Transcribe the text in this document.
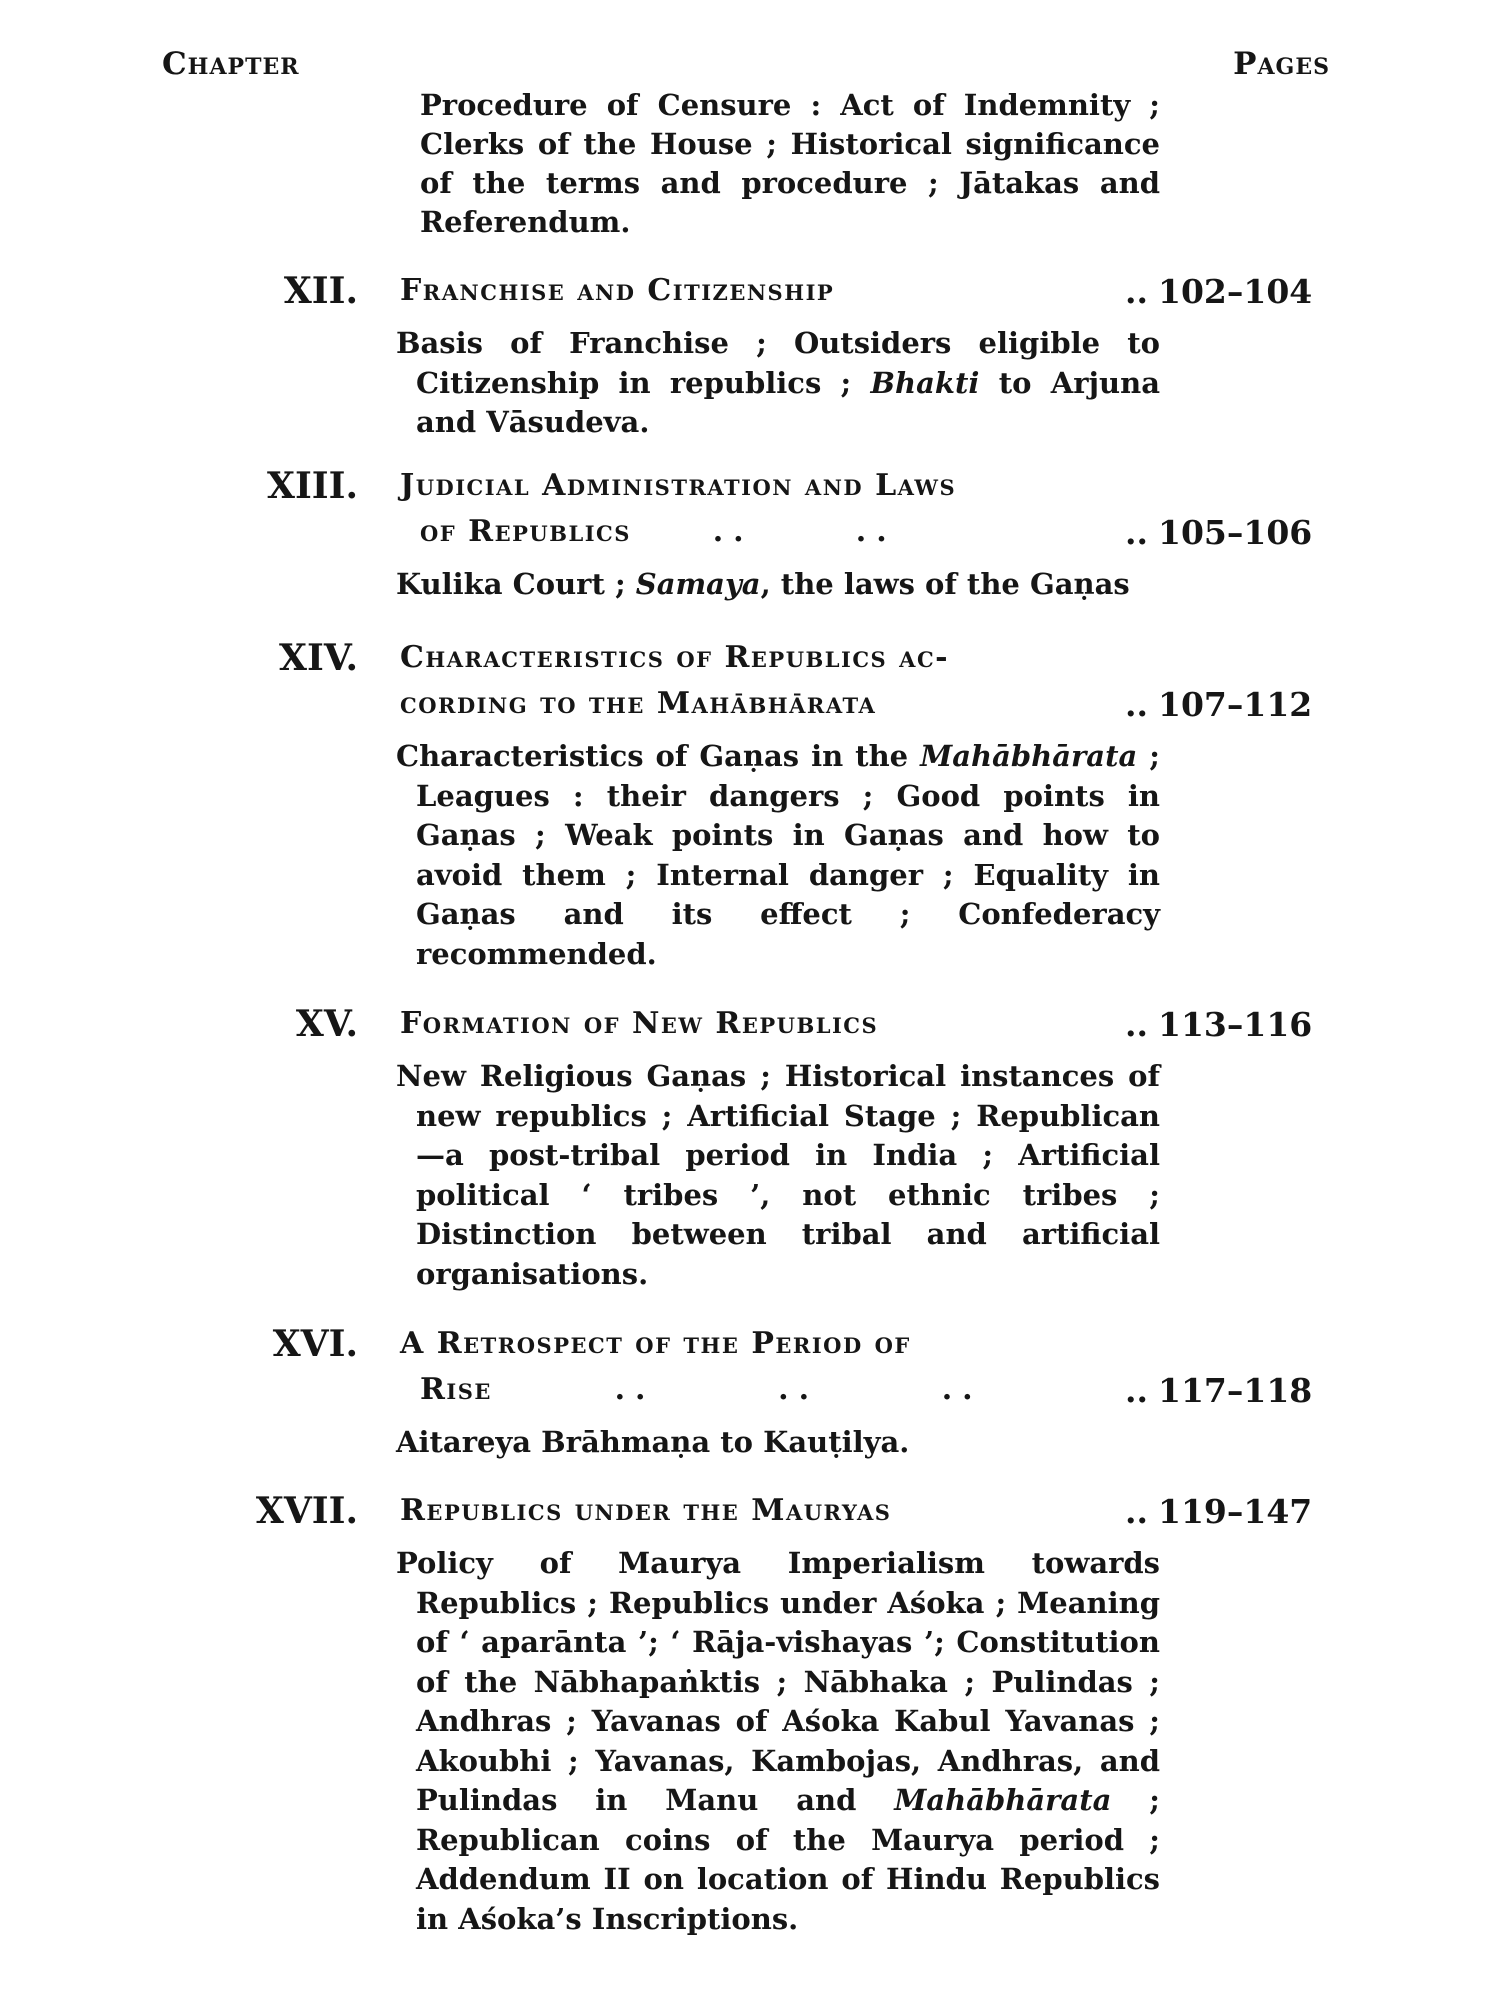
Chapter	Pages
Procedure of Censure : Act of Indemnity ; Clerks of the House ; Historical significance of the terms and procedure ; Jātakas and Referendum.
XII. Franchise and Citizenship	.. 102–104
Basis of Franchise ; Outsiders eligible to Citizenship in republics ; Bhakti to Arjuna and Vāsudeva.
XIII. Judicial Administration and Laws
of Republics    ..     ..	.. 105–106
Kulika Court ; Samaya, the laws of the Gaṇas
XIV. Characteristics of Republics ac-
cording to the Mahābhārata	.. 107–112
Characteristics of Gaṇas in the Mahābhārata ; Leagues : their dangers ; Good points in Gaṇas ; Weak points in Gaṇas and how to avoid them ; Internal danger ; Equality in Gaṇas and its effect ; Confederacy recommended.
XV. Formation of New Republics	.. 113–116
New Religious Gaṇas ; Historical instances of new republics ; Artificial Stage ; Republican—a post-tribal period in India ; Artificial political ‘ tribes ’, not ethnic tribes ; Distinction between tribal and artificial organisations.
XVI. A Retrospect of the Period of
Rise      ..      ..      ..	.. 117–118
Aitareya Brāhmaṇa to Kauṭilya.
XVII. Republics under the Mauryas	.. 119–147
Policy of Maurya Imperialism towards Republics ; Republics under Aśoka ; Meaning of ‘ aparānta ’; ‘ Rāja-vishayas ’; Constitution of the Nābhapaṅktis ; Nābhaka ; Pulindas ; Andhras ; Yavanas of Aśoka Kabul Yavanas ; Akoubhi ; Yavanas, Kambojas, Andhras, and Pulindas in Manu and Mahābhārata ; Republican coins of the Maurya period ; Addendum II on location of Hindu Republics in Aśoka’s Inscriptions.
